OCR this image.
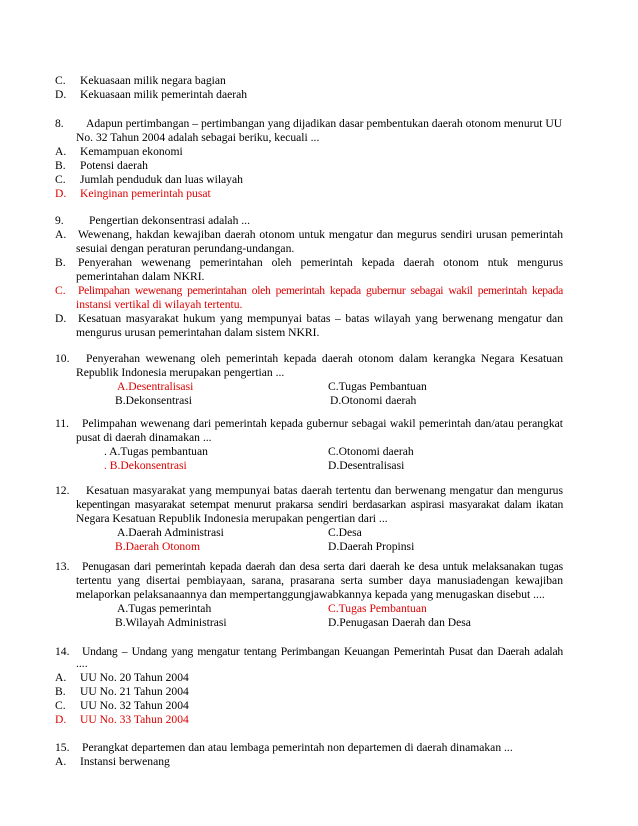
C. Kekuasaan milik negara bagian
D. Kekuasaan milik pemerintah daerah
8. Adapun pertimbangan – pertimbangan yang dijadikan dasar pembentukan daerah otonom menurut UU
No. 32 Tahun 2004 adalah sebagai beriku, kecuali ...
A. Kemampuan ekonomi
B. Potensi daerah
C. Jumlah penduduk dan luas wilayah
D. Keinginan pemerintah pusat
9. Pengertian dekonsentrasi adalah ...
A. Wewenang, hakdan kewajiban daerah otonom untuk mengatur dan megurus sendiri urusan pemerintah
sesuiai dengan peraturan perundang-undangan.
B. Penyerahan wewenang pemerintahan oleh pemerintah kepada daerah otonom ntuk mengurus
pemerintahan dalam NKRI.
C. Pelimpahan wewenang pemerintahan oleh pemerintah kepada gubernur sebagai wakil pemerintah kepada
instansi vertikal di wilayah tertentu.
D. Kesatuan masyarakat hukum yang mempunyai batas – batas wilayah yang berwenang mengatur dan
mengurus urusan pemerintahan dalam sistem NKRI.
10. Penyerahan wewenang oleh pemerintah kepada daerah otonom dalam kerangka Negara Kesatuan
Republik Indonesia merupakan pengertian ...
A.Desentralisasi	C.Tugas Pembantuan
B.Dekonsentrasi	D.Otonomi daerah
11. Pelimpahan wewenang dari pemerintah kepada gubernur sebagai wakil pemerintah dan/atau perangkat
pusat di daerah dinamakan ...
. A.Tugas pembantuan	C.Otonomi daerah
. B.Dekonsentrasi	D.Desentralisasi
12. Kesatuan masyarakat yang mempunyai batas daerah tertentu dan berwenang mengatur dan mengurus
kepentingan masyarakat setempat menurut prakarsa sendiri berdasarkan aspirasi masyarakat dalam ikatan
Negara Kesatuan Republik Indonesia merupakan pengertian dari ...
A.Daerah Administrasi	C.Desa
B.Daerah Otonom	D.Daerah Propinsi
13. Penugasan dari pemerintah kepada daerah dan desa serta dari daerah ke desa untuk melaksanakan tugas
tertentu yang disertai pembiayaan, sarana, prasarana serta sumber daya manusiadengan kewajiban
melaporkan pelaksanaannya dan mempertanggungjawabkannya kepada yang menugaskan disebut ....
A.Tugas pemerintah	C.Tugas Pembantuan
B.Wilayah Administrasi	D.Penugasan Daerah dan Desa
14. Undang – Undang yang mengatur tentang Perimbangan Keuangan Pemerintah Pusat dan Daerah adalah
....
A. UU No. 20 Tahun 2004
B. UU No. 21 Tahun 2004
C. UU No. 32 Tahun 2004
D. UU No. 33 Tahun 2004
15. Perangkat departemen dan atau lembaga pemerintah non departemen di daerah dinamakan ...
A. Instansi berwenang
